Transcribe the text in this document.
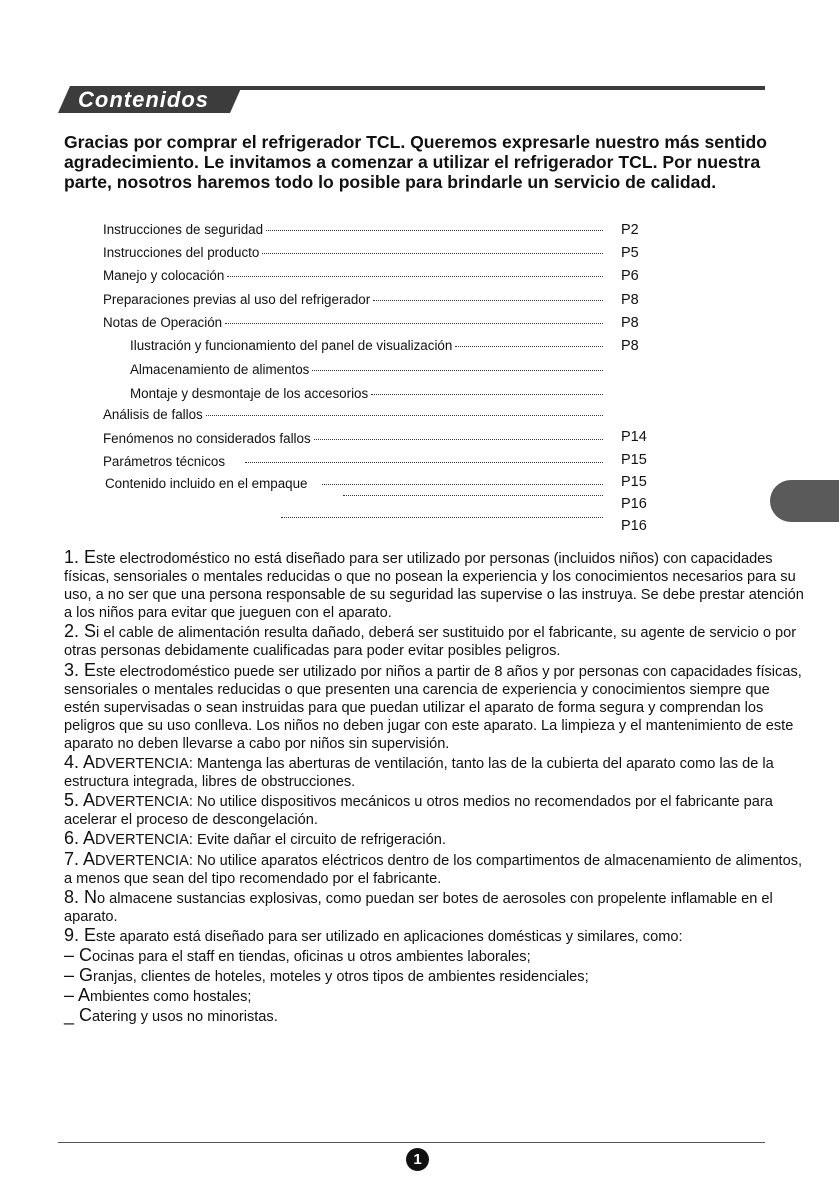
Contenidos

Gracias por comprar el refrigerador TCL. Queremos expresarle nuestro más sentido agradecimiento. Le invitamos a comenzar a utilizar el refrigerador TCL. Por nuestra parte, nosotros haremos todo lo posible para brindarle un servicio de calidad.

Instrucciones de seguridad	P2
Instrucciones del producto	P5
Manejo y colocación	P6
Preparaciones previas al uso del refrigerador	P8
Notas de Operación	P8
Ilustración y funcionamiento del panel de visualización	P8
Almacenamiento de alimentos
Montaje y desmontaje de los accesorios
Análisis de fallos
Fenómenos no considerados fallos	P14
Parámetros técnicos	P15
Contenido incluido en el empaque	P15
P16
P16

1. Este electrodoméstico no está diseñado para ser utilizado por personas (incluidos niños) con capacidades físicas, sensoriales o mentales reducidas o que no posean la experiencia y los conocimientos necesarios para su uso, a no ser que una persona responsable de su seguridad las supervise o las instruya. Se debe prestar atención a los niños para evitar que jueguen con el aparato.

2. Si el cable de alimentación resulta dañado, deberá ser sustituido por el fabricante, su agente de servicio o por otras personas debidamente cualificadas para poder evitar posibles peligros.

3. Este electrodoméstico puede ser utilizado por niños a partir de 8 años y por personas con capacidades físicas, sensoriales o mentales reducidas o que presenten una carencia de experiencia y conocimientos siempre que estén supervisadas o sean instruidas para que puedan utilizar el aparato de forma segura y comprendan los peligros que su uso conlleva. Los niños no deben jugar con este aparato. La limpieza y el mantenimiento de este aparato no deben llevarse a cabo por niños sin supervisión.

4. ADVERTENCIA: Mantenga las aberturas de ventilación, tanto las de la cubierta del aparato como las de la estructura integrada, libres de obstrucciones.

5. ADVERTENCIA: No utilice dispositivos mecánicos u otros medios no recomendados por el fabricante para acelerar el proceso de descongelación.

6. ADVERTENCIA: Evite dañar el circuito de refrigeración.

7. ADVERTENCIA: No utilice aparatos eléctricos dentro de los compartimentos de almacenamiento de alimentos, a menos que sean del tipo recomendado por el fabricante.

8. No almacene sustancias explosivas, como puedan ser botes de aerosoles con propelente inflamable en el aparato.

9. Este aparato está diseñado para ser utilizado en aplicaciones domésticas y similares, como:

– Cocinas para el staff en tiendas, oficinas u otros ambientes laborales;

– Granjas, clientes de hoteles, moteles y otros tipos de ambientes residenciales;

– Ambientes como hostales;

_ Catering y usos no minoristas.

1
